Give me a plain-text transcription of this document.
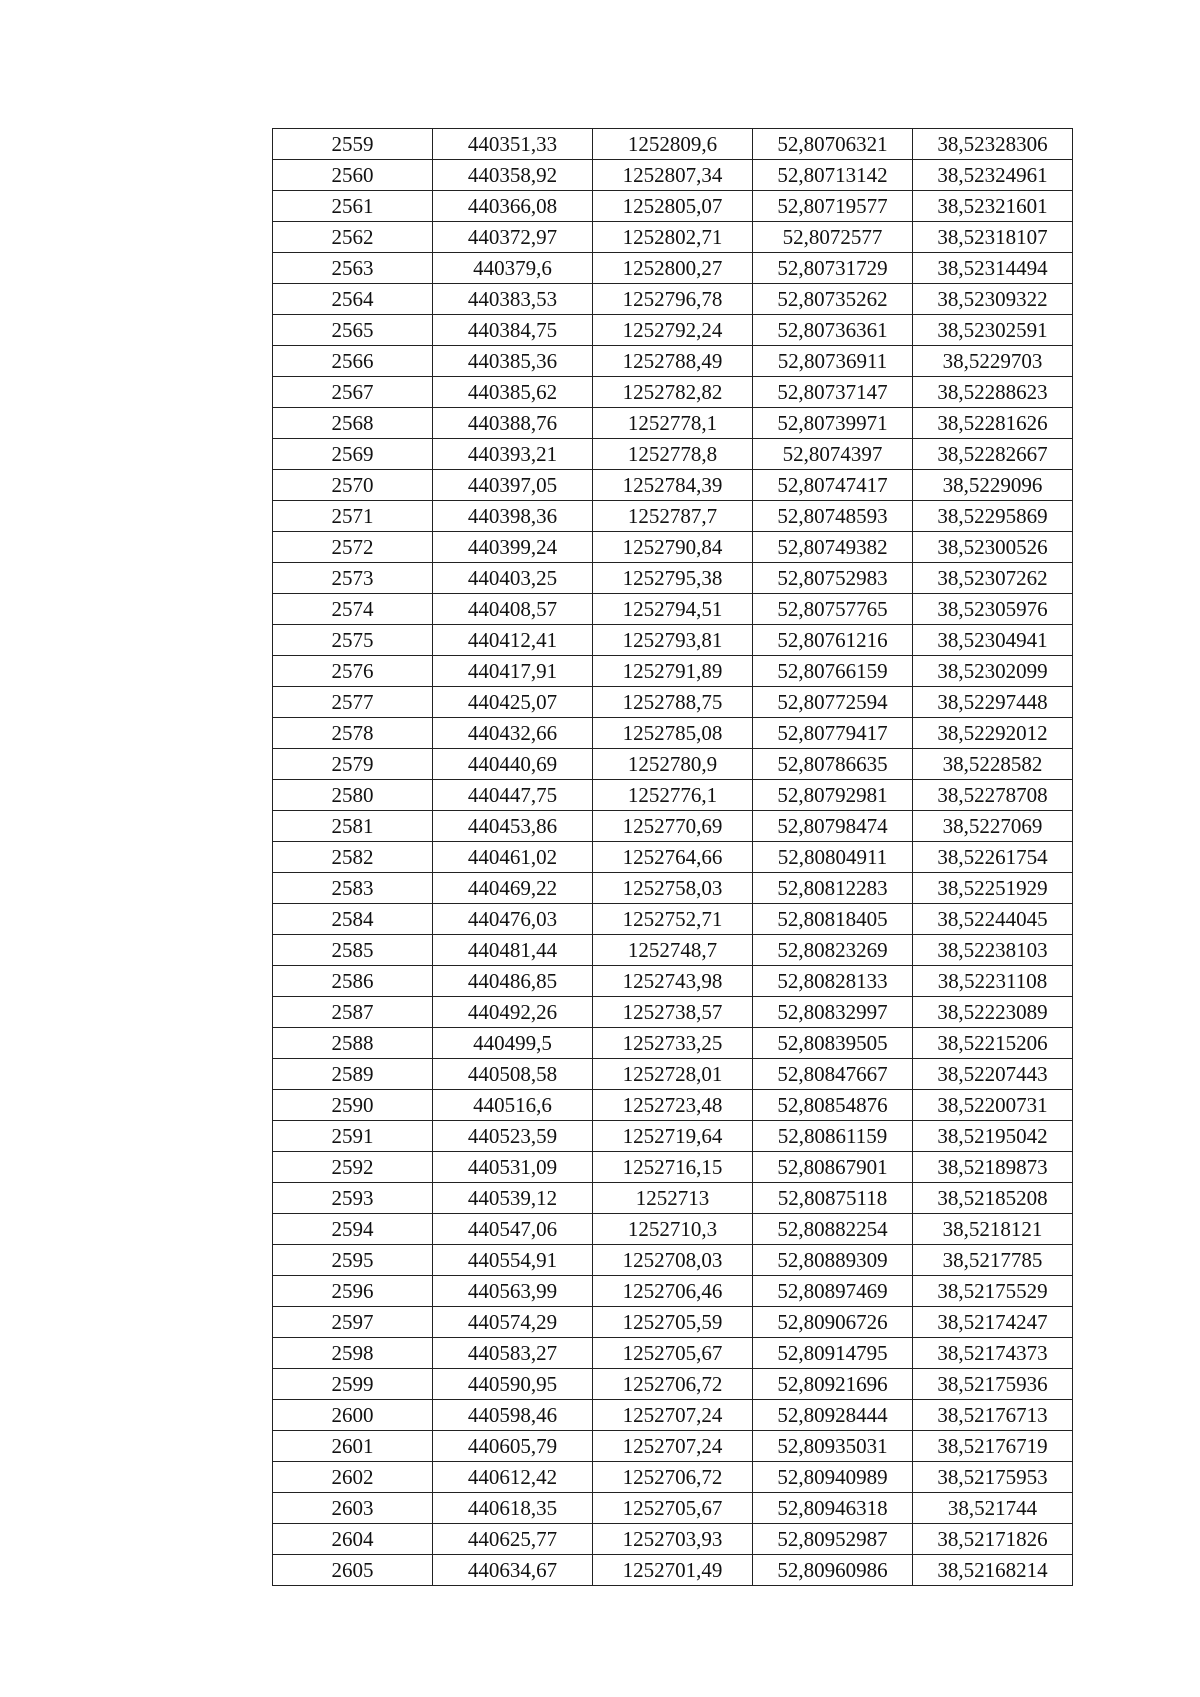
2559	440351,33	1252809,6	52,80706321	38,52328306
2560	440358,92	1252807,34	52,80713142	38,52324961
2561	440366,08	1252805,07	52,80719577	38,52321601
2562	440372,97	1252802,71	52,8072577	38,52318107
2563	440379,6	1252800,27	52,80731729	38,52314494
2564	440383,53	1252796,78	52,80735262	38,52309322
2565	440384,75	1252792,24	52,80736361	38,52302591
2566	440385,36	1252788,49	52,80736911	38,5229703
2567	440385,62	1252782,82	52,80737147	38,52288623
2568	440388,76	1252778,1	52,80739971	38,52281626
2569	440393,21	1252778,8	52,8074397	38,52282667
2570	440397,05	1252784,39	52,80747417	38,5229096
2571	440398,36	1252787,7	52,80748593	38,52295869
2572	440399,24	1252790,84	52,80749382	38,52300526
2573	440403,25	1252795,38	52,80752983	38,52307262
2574	440408,57	1252794,51	52,80757765	38,52305976
2575	440412,41	1252793,81	52,80761216	38,52304941
2576	440417,91	1252791,89	52,80766159	38,52302099
2577	440425,07	1252788,75	52,80772594	38,52297448
2578	440432,66	1252785,08	52,80779417	38,52292012
2579	440440,69	1252780,9	52,80786635	38,5228582
2580	440447,75	1252776,1	52,80792981	38,52278708
2581	440453,86	1252770,69	52,80798474	38,5227069
2582	440461,02	1252764,66	52,80804911	38,52261754
2583	440469,22	1252758,03	52,80812283	38,52251929
2584	440476,03	1252752,71	52,80818405	38,52244045
2585	440481,44	1252748,7	52,80823269	38,52238103
2586	440486,85	1252743,98	52,80828133	38,52231108
2587	440492,26	1252738,57	52,80832997	38,52223089
2588	440499,5	1252733,25	52,80839505	38,52215206
2589	440508,58	1252728,01	52,80847667	38,52207443
2590	440516,6	1252723,48	52,80854876	38,52200731
2591	440523,59	1252719,64	52,80861159	38,52195042
2592	440531,09	1252716,15	52,80867901	38,52189873
2593	440539,12	1252713	52,80875118	38,52185208
2594	440547,06	1252710,3	52,80882254	38,5218121
2595	440554,91	1252708,03	52,80889309	38,5217785
2596	440563,99	1252706,46	52,80897469	38,52175529
2597	440574,29	1252705,59	52,80906726	38,52174247
2598	440583,27	1252705,67	52,80914795	38,52174373
2599	440590,95	1252706,72	52,80921696	38,52175936
2600	440598,46	1252707,24	52,80928444	38,52176713
2601	440605,79	1252707,24	52,80935031	38,52176719
2602	440612,42	1252706,72	52,80940989	38,52175953
2603	440618,35	1252705,67	52,80946318	38,521744
2604	440625,77	1252703,93	52,80952987	38,52171826
2605	440634,67	1252701,49	52,80960986	38,52168214
